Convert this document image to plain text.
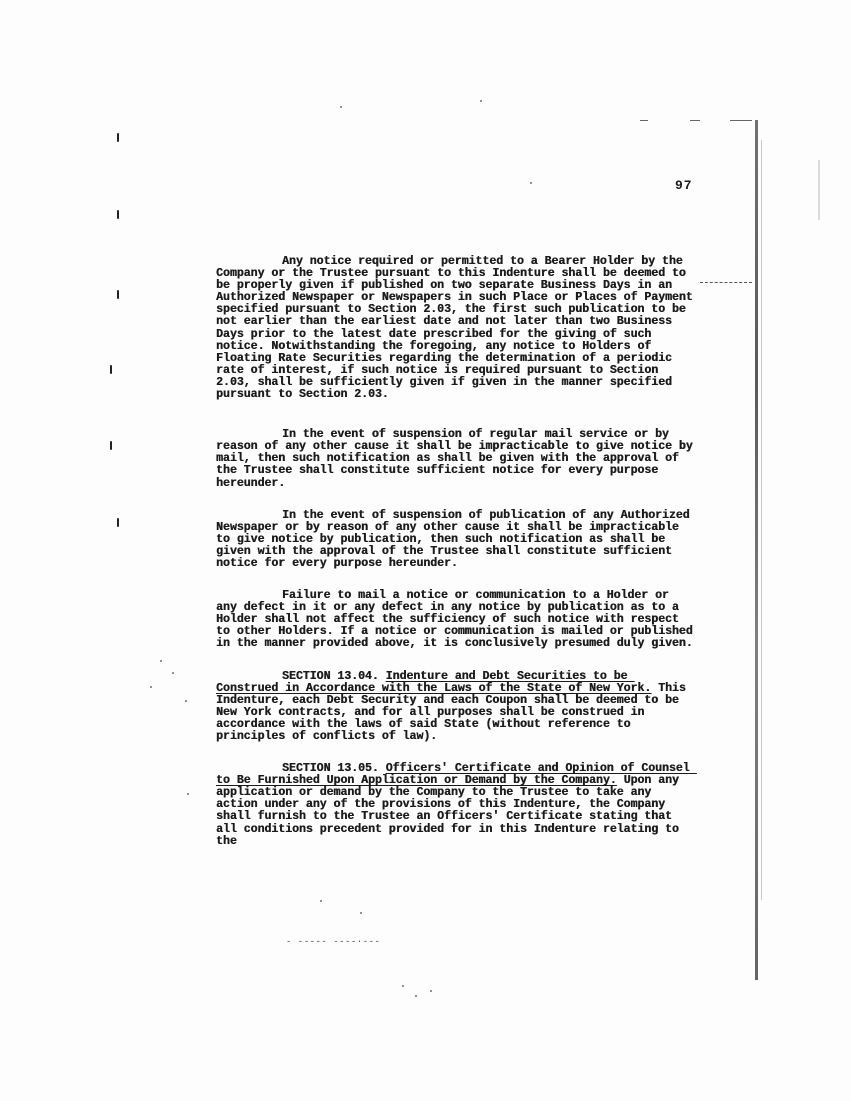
97

Any notice required or permitted to a Bearer Holder by the Company or the Trustee pursuant to this Indenture shall be deemed to be properly given if published on two separate Business Days in an Authorized Newspaper or Newspapers in such Place or Places of Payment specified pursuant to Section 2.03, the first such publication to be not earlier than the earliest date and not later than two Business Days prior to the latest date prescribed for the giving of such notice. Notwithstanding the foregoing, any notice to Holders of Floating Rate Securities regarding the determination of a periodic rate of interest, if such notice is required pursuant to Section 2.03, shall be sufficiently given if given in the manner specified pursuant to Section 2.03.

In the event of suspension of regular mail service or by reason of any other cause it shall be impracticable to give notice by mail, then such notification as shall be given with the approval of the Trustee shall constitute sufficient notice for every purpose hereunder.

In the event of suspension of publication of any Authorized Newspaper or by reason of any other cause it shall be impracticable to give notice by publication, then such notification as shall be given with the approval of the Trustee shall constitute sufficient notice for every purpose hereunder.

Failure to mail a notice or communication to a Holder or any defect in it or any defect in any notice by publication as to a Holder shall not affect the sufficiency of such notice with respect to other Holders. If a notice or communication is mailed or published in the manner provided above, it is conclusively presumed duly given.

SECTION 13.04. Indenture and Debt Securities to be Construed in Accordance with the Laws of the State of New York. This Indenture, each Debt Security and each Coupon shall be deemed to be New York contracts, and for all purposes shall be construed in accordance with the laws of said State (without reference to principles of conflicts of law).

SECTION 13.05. Officers' Certificate and Opinion of Counsel to Be Furnished Upon Application or Demand by the Company. Upon any application or demand by the Company to the Trustee to take any action under any of the provisions of this Indenture, the Company shall furnish to the Trustee an Officers' Certificate stating that all conditions precedent provided for in this Indenture relating to the

- ----- ----·---
